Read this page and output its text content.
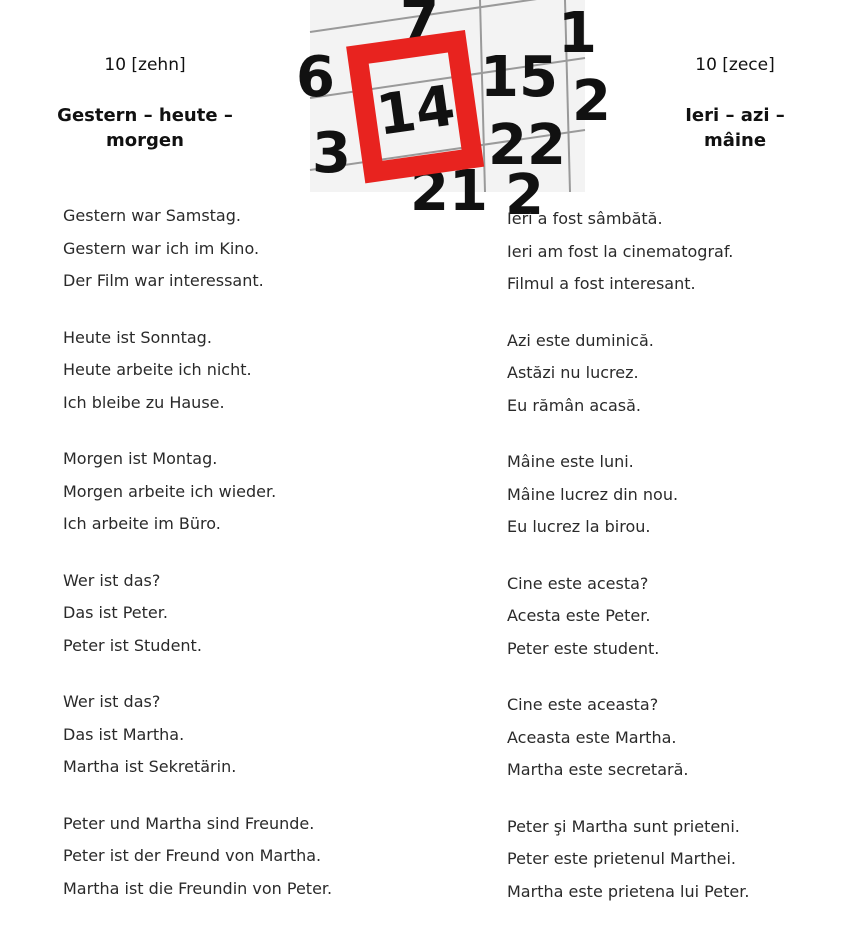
10 [zehn]
Gestern – heute –
morgen
7 1
6	15
3 22
2
21 2
14
10 [zece]
Ieri – azi –
mâine
Gestern war Samstag.
Gestern war ich im Kino.
Der Film war interessant.
Heute ist Sonntag.
Heute arbeite ich nicht.
Ich bleibe zu Hause.
Morgen ist Montag.
Morgen arbeite ich wieder.
Ich arbeite im Büro.
Wer ist das?
Das ist Peter.
Peter ist Student.
Wer ist das?
Das ist Martha.
Martha ist Sekretärin.
Peter und Martha sind Freunde.
Peter ist der Freund von Martha.
Martha ist die Freundin von Peter.
Ieri a fost sâmbătă.
Ieri am fost la cinematograf.
Filmul a fost interesant.
Azi este duminică.
Astăzi nu lucrez.
Eu rămân acasă.
Mâine este luni.
Mâine lucrez din nou.
Eu lucrez la birou.
Cine este acesta?
Acesta este Peter.
Peter este student.
Cine este aceasta?
Aceasta este Martha.
Martha este secretară.
Peter şi Martha sunt prieteni.
Peter este prietenul Marthei.
Martha este prietena lui Peter.
